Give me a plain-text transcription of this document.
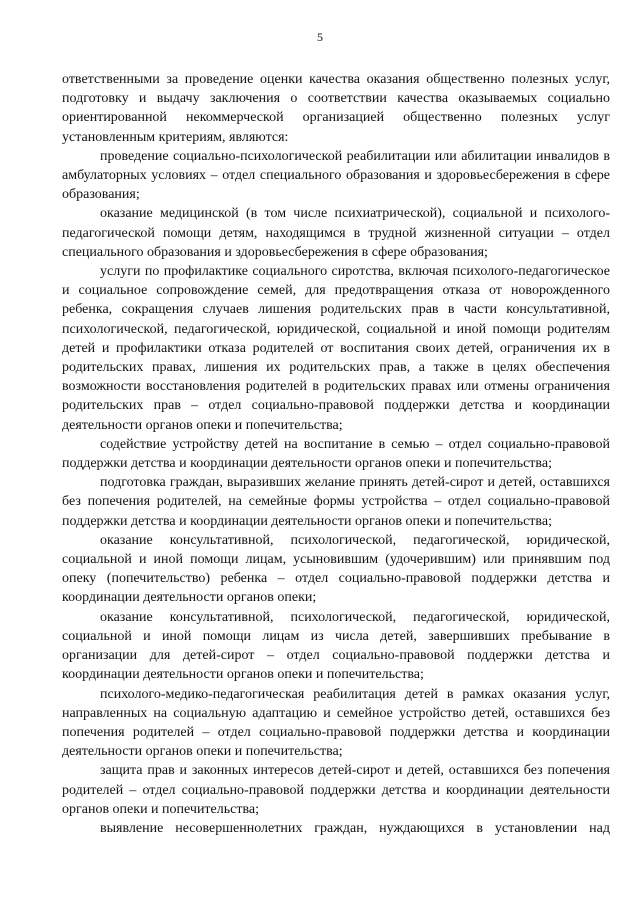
5

ответственными за проведение оценки качества оказания общественно полезных услуг, подготовку и выдачу заключения о соответствии качества оказываемых социально ориентированной некоммерческой организацией общественно полезных услуг установленным критериям, являются:

проведение социально-психологической реабилитации или абилитации инвалидов в амбулаторных условиях – отдел специального образования и здоровьесбережения в сфере образования;

оказание медицинской (в том числе психиатрической), социальной и психолого-педагогической помощи детям, находящимся в трудной жизненной ситуации – отдел специального образования и здоровьесбережения в сфере образования;

услуги по профилактике социального сиротства, включая психолого-педагогическое и социальное сопровождение семей, для предотвращения отказа от новорожденного ребенка, сокращения случаев лишения родительских прав в части консультативной, психологической, педагогической, юридической, социальной и иной помощи родителям детей и профилактики отказа родителей от воспитания своих детей, ограничения их в родительских правах, лишения их родительских прав, а также в целях обеспечения возможности восстановления родителей в родительских правах или отмены ограничения родительских прав – отдел социально-правовой поддержки детства и координации деятельности органов опеки и попечительства;

содействие устройству детей на воспитание в семью – отдел социально-правовой поддержки детства и координации деятельности органов опеки и попечительства;

подготовка граждан, выразивших желание принять детей-сирот и детей, оставшихся без попечения родителей, на семейные формы устройства – отдел социально-правовой поддержки детства и координации деятельности органов опеки и попечительства;

оказание консультативной, психологической, педагогической, юридической, социальной и иной помощи лицам, усыновившим (удочерившим) или принявшим под опеку (попечительство) ребенка – отдел социально-правовой поддержки детства и координации деятельности органов опеки;

оказание консультативной, психологической, педагогической, юридической, социальной и иной помощи лицам из числа детей, завершивших пребывание в организации для детей-сирот – отдел социально-правовой поддержки детства и координации деятельности органов опеки и попечительства;

психолого-медико-педагогическая реабилитация детей в рамках оказания услуг, направленных на социальную адаптацию и семейное устройство детей, оставшихся без попечения родителей – отдел социально-правовой поддержки детства и координации деятельности органов опеки и попечительства;

защита прав и законных интересов детей-сирот и детей, оставшихся без попечения родителей – отдел социально-правовой поддержки детства и координации деятельности органов опеки и попечительства;

выявление несовершеннолетних граждан, нуждающихся в установлении над
